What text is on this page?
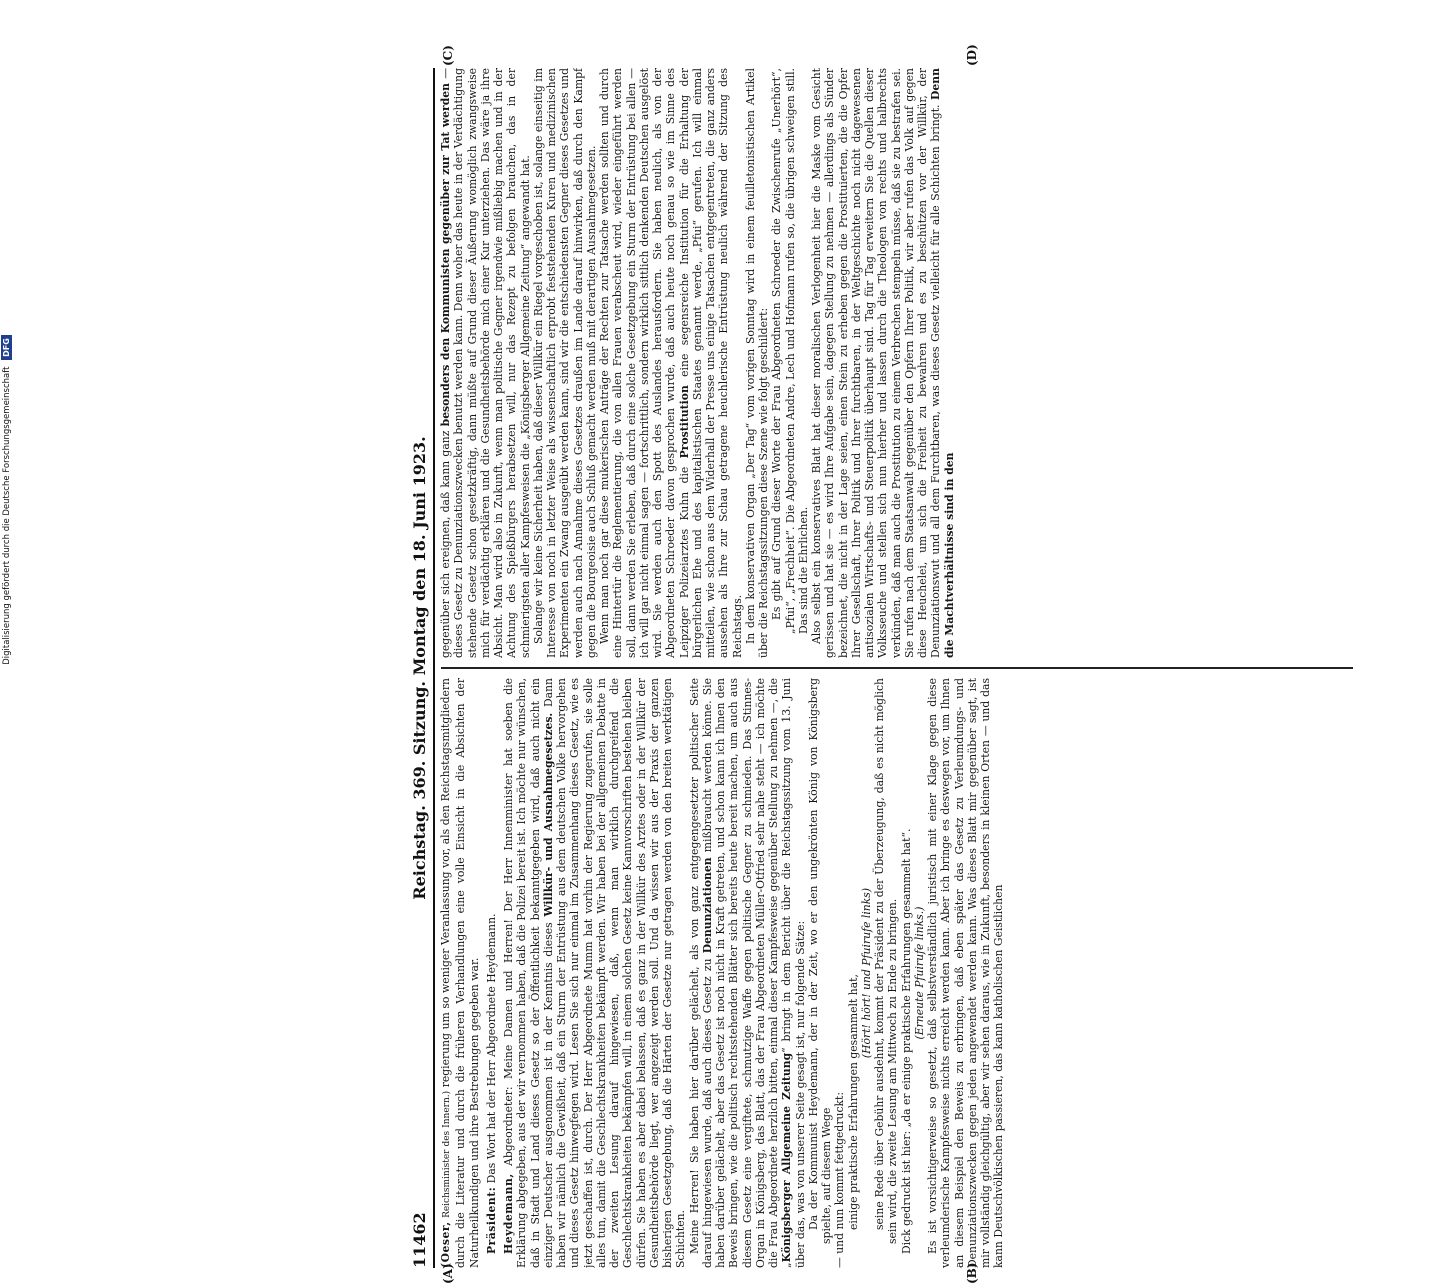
Digitalisierung gefördert durch die Deutsche Forschungsgemeinschaft DFG
11462
Reichstag. 369. Sitzung. Montag den 18. Juni 1923.
(A)	(B)
(C)	(D)

(Oeser, Reichsminister des Innern.) regierung um so weniger Veranlassung vor, als den Reichstagsmitgliedern durch die Literatur und durch die früheren Verhandlungen eine volle Einsicht in die Absichten der Naturheilkundigen und ihre Bestrebungen gegeben war. Präsident: Das Wort hat der Herr Abgeordnete Heydemann.

Heydemann, Abgeordneter: Meine Damen und Herren! Der Herr Innenminister hat soeben die Erklärung abgegeben, aus der wir vernommen haben, daß die Polizei bereit ist. Ich möchte nur wünschen, daß in Stadt und Land dieses Gesetz so der Öffentlichkeit bekanntgegeben wird, daß auch nicht ein einziger Deutscher ausgenommen ist in der Kenntnis dieses Willkür- und Ausnahmegesetzes. Dann haben wir nämlich die Gewißheit, daß ein Sturm der Entrüstung aus dem deutschen Volke hervorgehen und dieses Gesetz hinwegfegen wird. Lesen Sie sich nur einmal im Zusammenhang dieses Gesetz, wie es jetzt geschaffen ist, durch. Der Herr Abgeordnete Mumm hat vorhin der Regierung zugerufen, sie solle alles tun, damit die Geschlechtskrankheiten bekämpft werden. Wir haben bei der allgemeinen Debatte in der zweiten Lesung darauf hingewiesen, daß, wenn man wirklich durchgreifend die Geschlechtskrankheiten bekämpfen will, in einem solchen Gesetz keine Kannvorschriften bestehen bleiben dürfen. Sie haben es aber dabei belassen, daß es ganz in der Willkür des Arztes oder in der Willkür der Gesundheitsbehörde liegt, wer angezeigt werden soll. Und da wissen wir aus der Praxis der ganzen bisherigen Gesetzgebung, daß die Härten der Gesetze nur getragen werden von den breiten werktätigen Schichten. Meine Herren! Sie haben hier darüber gelächelt, als von ganz entgegengesetzter politischer Seite darauf hingewiesen wurde, daß auch dieses Gesetz zu Denunziationen mißbraucht werden könne. Sie haben darüber gelächelt, aber das Gesetz ist noch nicht in Kraft getreten, und schon kann ich Ihnen den Beweis bringen, wie die politisch rechtsstehenden Blätter sich bereits heute bereit machen, um auch aus diesem Gesetz eine vergiftete, schmutzige Waffe gegen politische Gegner zu schmieden. Das Stinnes-Organ in Königsberg, das Blatt, das der Frau Abgeordneten Müller-Otfried sehr nahe steht — ich möchte die Frau Abgeordnete herzlich bitten, einmal dieser Kampfesweise gegenüber Stellung zu nehmen —, die „Königsberger Allgemeine Zeitung“ bringt in dem Bericht über die Reichstagssitzung vom 13. Juni über das, was von unserer Seite gesagt ist, nur folgende Sätze: Da der Kommunist Heydemann, der in der Zeit, wo er den ungekrönten König von Königsberg spielte, auf diesem Wege — und nun kommt fettgedruckt: einige praktische Erfahrungen gesammelt hat,

(Hört! hört! und Pfuirufe links) seine Rede über Gebühr ausdehnt, kommt der Präsident zu der Überzeugung, daß es nicht möglich sein wird, die zweite Lesung am Mittwoch zu Ende zu bringen. Dick gedruckt ist hier: „da er einige praktische Erfahrungen gesammelt hat“. (Erneute Pfuirufe links.) Es ist vorsichtigerweise so gesetzt, daß selbstverständlich juristisch mit einer Klage gegen diese verleumderische Kampfesweise nichts erreicht werden kann. Aber ich bringe es deswegen vor, um Ihnen an diesem Beispiel den Beweis zu erbringen, daß eben später das Gesetz zu Verleumdungs- und Denunziationszwecken gegen jeden angewendet werden kann. Was dieses Blatt mir gegenüber sagt, ist mir vollständig gleichgültig, aber wir sehen daraus, wie in Zukunft, besonders in kleinen Orten — und das kann Deutschvölkischen passieren, das kann katholischen Geistlichen

gegenüber sich ereignen, daß kann ganz besonders den Kommunisten gegenüber zur Tat werden — dieses Gesetz zu Denunziationszwecken benutzt werden kann. Denn woher das heute in der Verdächtigung stehende Gesetz schon gesetzkräftig, dann müßte auf Grund dieser Äußerung womöglich zwangsweise mich für verdächtig erklären und die Gesundheitsbehörde mich einer Kur unterziehen. Das wäre ja ihre Absicht. Man wird also in Zukunft, wenn man politische Gegner irgendwie mißliebig machen und in der Achtung des Spießbürgers herabsetzen will, nur das Rezept zu befolgen brauchen, das in der schmierigsten aller Kampfesweisen die „Königsberger Allgemeine Zeitung“ angewandt hat. Solange wir keine Sicherheit haben, daß dieser Willkür ein Riegel vorgeschoben ist, solange einseitig im Interesse von noch in letzter Weise als wissenschaftlich erprobt feststehenden Kuren und medizinischen Experimenten ein Zwang ausgeübt werden kann, sind wir die entschiedensten Gegner dieses Gesetzes und werden auch nach Annahme dieses Gesetzes draußen im Lande darauf hinwirken, daß durch den Kampf gegen die Bourgeoisie auch Schluß gemacht werden muß mit derartigen Ausnahmegesetzen. Wenn man noch gar diese mukerischen Anträge der Rechten zur Tatsache werden sollten und durch eine Hintertür die Reglementierung, die von allen Frauen verabscheut wird, wieder eingeführt werden soll, dann werden Sie erleben, daß durch eine solche Gesetzgebung ein Sturm der Entrüstung bei allen — ich will gar nicht einmal sagen — fortschrittlich, sondern wirklich sittlich denkenden Deutschen ausgelöst wird. Sie werden auch den Spott des Auslandes herausfordern. Sie haben neulich, als von der Abgeordneten Schroeder davon gesprochen wurde, daß auch heute noch genau so wie im Sinne des Leipziger Polizeiarztes Kuhn die Prostitution eine segensreiche Institution für die Erhaltung der bürgerlichen Ehe und des kapitalistischen Staates genannt werde, „Pfui“ gerufen. Ich will einmal mitteilen, wie schon aus dem Widerhall der Presse uns einige Tatsachen entgegentreten, die ganz anders aussehen als Ihre zur Schau getragene heuchlerische Entrüstung neulich während der Sitzung des Reichstags. In dem konservativen Organ „Der Tag“ vom vorigen Sonntag wird in einem feuilletonistischen Artikel über die Reichstagssitzungen diese Szene wie folgt geschildert: Es gibt auf Grund dieser Worte der Frau Abgeordneten Schroeder die Zwischenrufe „Unerhört“, „Pfui“, „Frechheit“. Die Abgeordneten Andre, Lech und Hofmann rufen so, die übrigen schweigen still. Das sind die Ehrlichen. Also selbst ein konservatives Blatt hat dieser moralischen Verlogenheit hier die Maske vom Gesicht gerissen und hat sie — es wird Ihre Aufgabe sein, dagegen Stellung zu nehmen — allerdings als Sünder bezeichnet, die nicht in der Lage seien, einen Stein zu erheben gegen die Prostituierten, die die Opfer Ihrer Gesellschaft, Ihrer Politik und Ihrer furchtbaren, in der Weltgeschichte noch nicht dagewesenen antisozialen Wirtschafts- und Steuerpolitik überhaupt sind. Tag für Tag erweitern Sie die Quellen dieser Volksseuche und stellen sich nun hierher und lassen durch die Theologen von rechts und halbrechts verkünden, daß man auch die Prostitution zu einem Verbrechen stempeln müsse, daß sie zu bestrafen sei. Sie rufen nach dem Staatsanwalt gegenüber den Opfern Ihrer Politik, wir aber rufen das Volk auf gegen diese Heuchelei, um sich die Freiheit zu bewahren und es zu beschützen vor der Willkür, der Denunziationswut und all dem Furchtbaren, was dieses Gesetz vielleicht für alle Schichten bringt. Denn die Machtverhältnisse sind in den
